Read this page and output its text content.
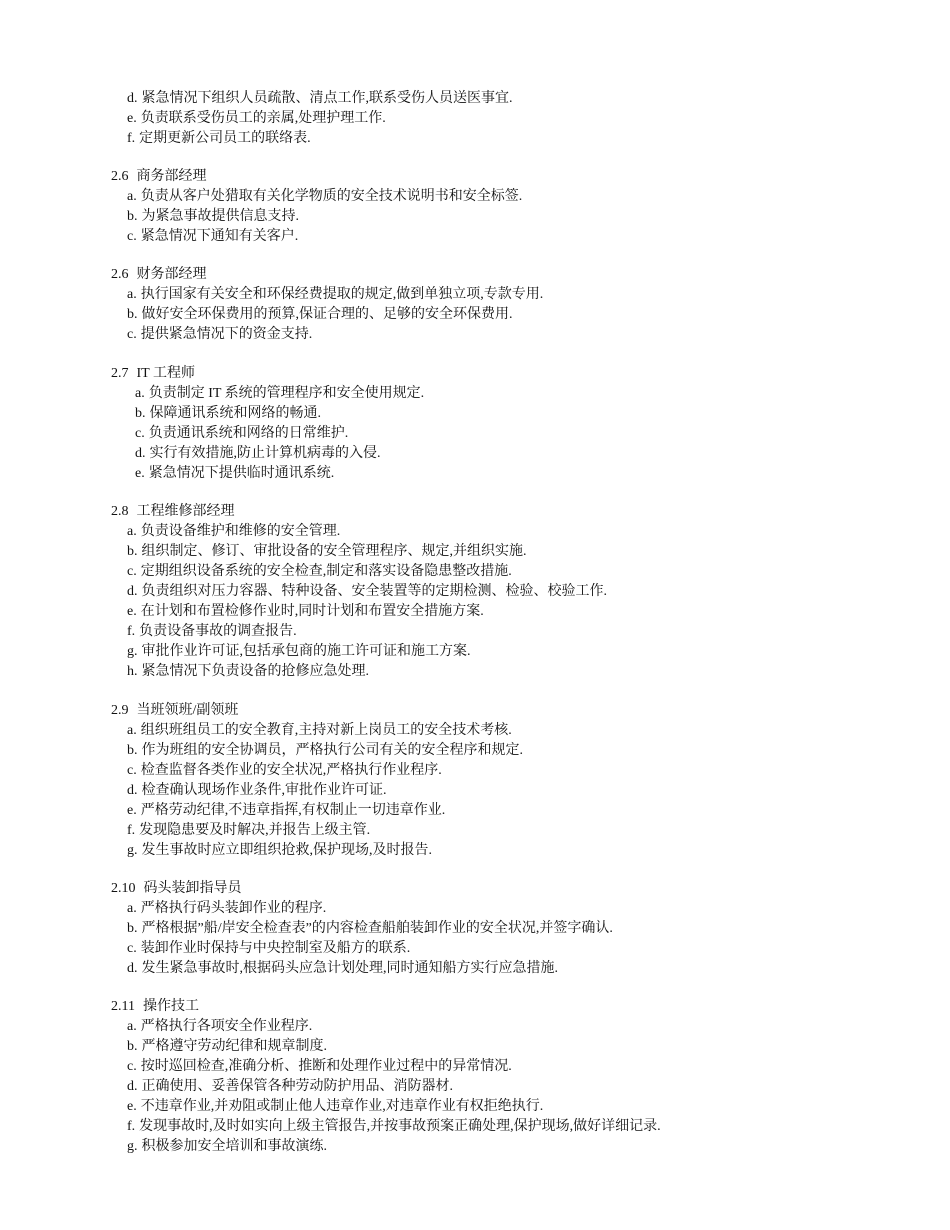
d. 紧急情况下组织人员疏散、清点工作,联系受伤人员送医事宜.
e. 负责联系受伤员工的亲属,处理护理工作.
f. 定期更新公司员工的联络表.
2.6 商务部经理
a. 负责从客户处猎取有关化学物质的安全技术说明书和安全标签.
b. 为紧急事故提供信息支持.
c. 紧急情况下通知有关客户.
2.6 财务部经理
a. 执行国家有关安全和环保经费提取的规定,做到单独立项,专款专用.
b. 做好安全环保费用的预算,保证合理的、足够的安全环保费用.
c. 提供紧急情况下的资金支持.
2.7 IT 工程师
a. 负责制定 IT 系统的管理程序和安全使用规定.
b. 保障通讯系统和网络的畅通.
c. 负责通讯系统和网络的日常维护.
d. 实行有效措施,防止计算机病毒的入侵.
e. 紧急情况下提供临时通讯系统.
2.8 工程维修部经理
a. 负责设备维护和维修的安全管理.
b. 组织制定、修订、审批设备的安全管理程序、规定,并组织实施.
c. 定期组织设备系统的安全检查,制定和落实设备隐患整改措施.
d. 负责组织对压力容器、特种设备、安全装置等的定期检测、检验、校验工作.
e. 在计划和布置检修作业时,同时计划和布置安全措施方案.
f. 负责设备事故的调查报告.
g. 审批作业许可证,包括承包商的施工许可证和施工方案.
h. 紧急情况下负责设备的抢修应急处理.
2.9 当班领班/副领班
a. 组织班组员工的安全教育,主持对新上岗员工的安全技术考核.
b. 作为班组的安全协调员，严格执行公司有关的安全程序和规定.
c. 检查监督各类作业的安全状况,严格执行作业程序.
d. 检查确认现场作业条件,审批作业许可证.
e. 严格劳动纪律,不违章指挥,有权制止一切违章作业.
f. 发现隐患要及时解决,并报告上级主管.
g. 发生事故时应立即组织抢救,保护现场,及时报告.
2.10 码头装卸指导员
a. 严格执行码头装卸作业的程序.
b. 严格根据”船/岸安全检查表”的内容检查船舶装卸作业的安全状况,并签字确认.
c. 装卸作业时保持与中央控制室及船方的联系.
d. 发生紧急事故时,根据码头应急计划处理,同时通知船方实行应急措施.
2.11 操作技工
a. 严格执行各项安全作业程序.
b. 严格遵守劳动纪律和规章制度.
c. 按时巡回检查,准确分析、推断和处理作业过程中的异常情况.
d. 正确使用、妥善保管各种劳动防护用品、消防器材.
e. 不违章作业,并劝阻或制止他人违章作业,对违章作业有权拒绝执行.
f. 发现事故时,及时如实向上级主管报告,并按事故预案正确处理,保护现场,做好详细记录.
g. 积极参加安全培训和事故演练.
